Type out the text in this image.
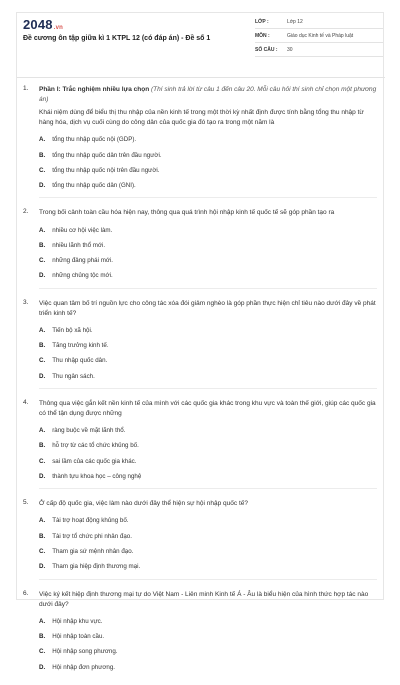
2048.vn
Đề cương ôn tập giữa kì 1 KTPL 12 (có đáp án) - Đề số 1
LỚP :	Lớp 12
MÔN :	Giáo dục Kinh tế và Pháp luật
SỐ CÂU :	30
1. Phần I: Trắc nghiệm nhiều lựa chọn (Thí sinh trả lời từ câu 1 đến câu 20. Mỗi câu hỏi thí sinh chỉ chọn một phương án)
Khái niệm dùng để biểu thị thu nhập của nền kinh tế trong một thời kỳ nhất định được tính bằng tổng thu nhập từ hàng hóa, dịch vụ cuối cùng do công dân của quốc gia đó tạo ra trong một năm là
A. tổng thu nhập quốc nội (GDP).
B. tổng thu nhập quốc dân trên đầu người.
C. tổng thu nhập quốc nội trên đầu người.
D. tổng thu nhập quốc dân (GNI).
2. Trong bối cảnh toàn cầu hóa hiện nay, thông qua quá trình hội nhập kinh tế quốc tế sẽ góp phần tạo ra
A. nhiều cơ hội việc làm.
B. nhiều lãnh thổ mới.
C. những đảng phái mới.
D. những chủng tộc mới.
3. Việc quan tâm bố trí nguồn lực cho công tác xóa đói giảm nghèo là góp phần thực hiện chỉ tiêu nào dưới đây về phát triển kinh tế?
A. Tiến bộ xã hội.
B. Tăng trưởng kinh tế.
C. Thu nhập quốc dân.
D. Thu ngân sách.
4. Thông qua việc gắn kết nền kinh tế của mình với các quốc gia khác trong khu vực và toàn thế giới, giúp các quốc gia có thể tận dụng được những
A. ràng buộc về mặt lãnh thổ.
B. hỗ trợ từ các tổ chức khủng bố.
C. sai lầm của các quốc gia khác.
D. thành tựu khoa học – công nghệ
5. Ở cấp độ quốc gia, việc làm nào dưới đây thể hiện sự hội nhập quốc tế?
A. Tài trợ hoạt động khủng bố.
B. Tài trợ tổ chức phi nhân đạo.
C. Tham gia sứ mệnh nhân đạo.
D. Tham gia hiệp định thương mại.
6. Việc ký kết hiệp định thương mại tự do Việt Nam - Liên minh Kinh tế Á - Âu là biểu hiện của hình thức hợp tác nào dưới đây?
A. Hội nhập khu vực.
B. Hội nhập toàn cầu.
C. Hội nhập song phương.
D. Hội nhập đơn phương.
